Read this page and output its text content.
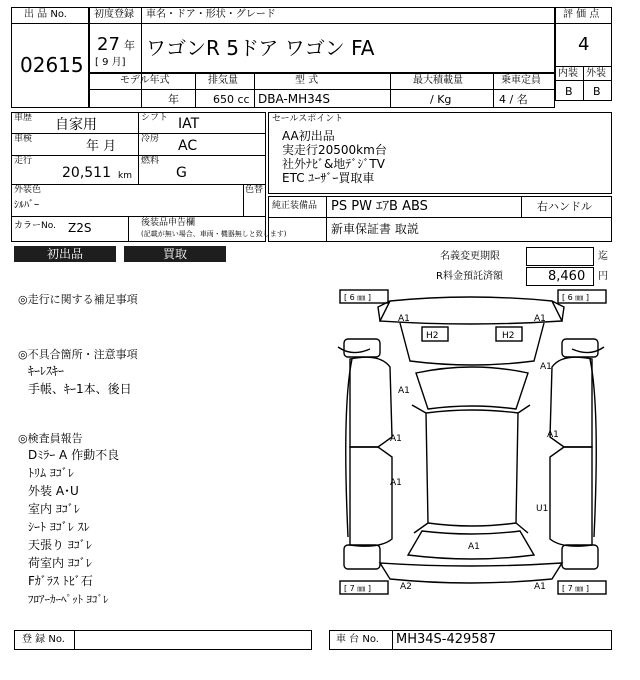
出 品 No.
02615
初度登録 車名・ドア・形状・グレード
27 年
[ 9 月]
ワゴンR 5ドア ワゴン FA
評 価 点
4
内装 外装
B B
モデル年式	排気量	型 式	最大積載量	乗車定員
年	650 cc DBA-MH34S	/ Kg	4 / 名
車歴 自家用	シフト IAT
車検	年 月	冷房 AC
走行
20,511 km
燃料
G
外装色
ｼﾙﾊﾞｰ
色替
カラーNo. Z2S	後装品申告欄
(記載が無い場合、車両・機器無しと致します)
セールスポイント
AA初出品
実走行20500km台
社外ﾅﾋﾞ&地ﾃﾞｼﾞTV
ETC ﾕｰｻﾞｰ買取車
純正装備品 PS PW ｴｱB ABS	右ハンドル
新車保証書 取説
初出品	買取	名義変更期限	迄
R料金預託済額	8,460 円
◎走行に関する補足事項
◎不具合箇所・注意事項
ｷｰﾚｽｷｰ
手帳、ｷｰ1本、後日
◎検査員報告
Dﾐﾗｰ A 作動不良
ﾄﾘﾑ ﾖｺﾞﾚ
外装 A･U
室内 ﾖｺﾞﾚ
ｼｰﾄ ﾖｺﾞﾚ ｽﾚ
天張り ﾖｺﾞﾚ
荷室内 ﾖｺﾞﾚ
Fｶﾞﾗｽ ﾄﾋﾞ石
ﾌﾛｱｰｶｰﾍﾟｯﾄ ﾖｺﾞﾚ
[ 6 ㎜ ]	[ 6 ㎜ ]
[ 7 ㎜ ]	[ 7 ㎜ ]
A1	A1
H2	H2
A1
A1
A1	A1
A1
U1
A1
A2	A1
登 録 No.	車 台 No. MH34S-429587
